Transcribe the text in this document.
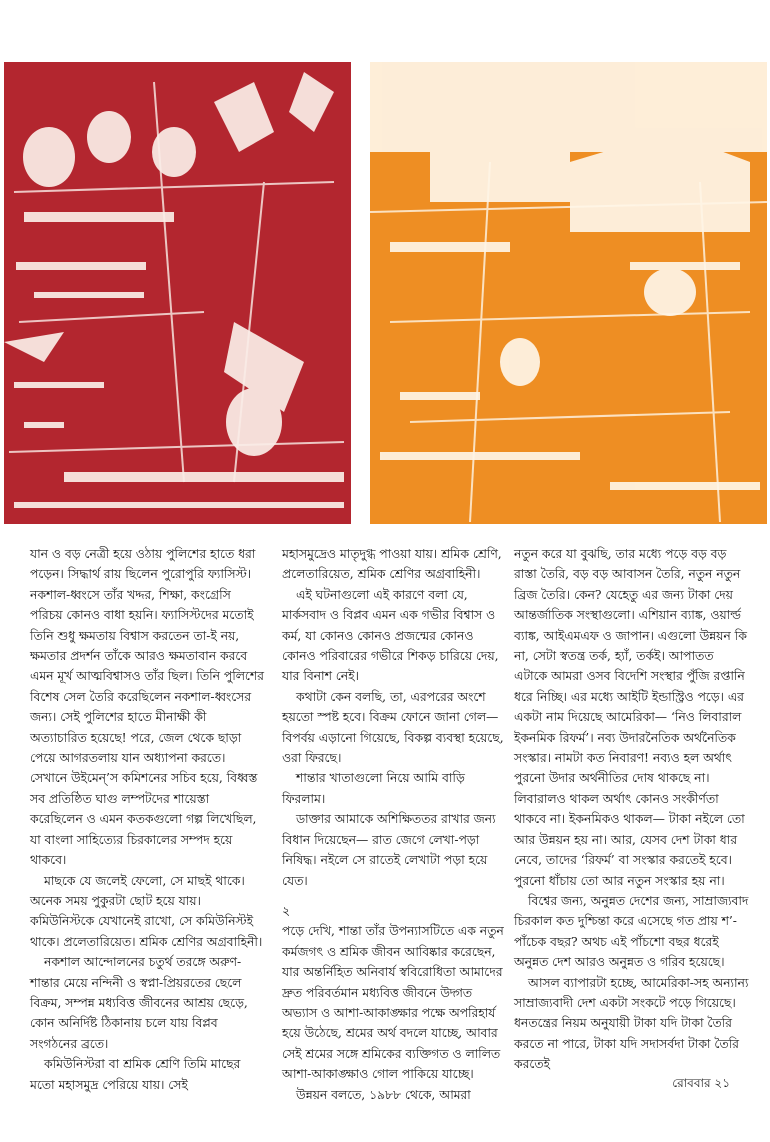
যান ও বড় নেত্রী হয়ে ওঠায় পুলিশের হাতে ধরা পড়েন। সিদ্ধার্থ রায় ছিলেন পুরোপুরি ফ্যাসিস্ট। নকশাল-ধ্বংসে তাঁর খদ্দর, শিক্ষা, কংগ্রেসি পরিচয় কোনও বাধা হয়নি। ফ্যাসিস্টদের মতোই তিনি শুধু ক্ষমতায় বিশ্বাস করতেন তা-ই নয়, ক্ষমতার প্রদর্শন তাঁকে আরও ক্ষমতাবান করবে এমন মূর্খ আত্মবিশ্বাসও তাঁর ছিল। তিনি পুলিশের বিশেষ সেল তৈরি করেছিলেন নকশাল-ধ্বংসের জন্য। সেই পুলিশের হাতে মীনাক্ষী কী অত্যাচারিত হয়েছে! পরে, জেল থেকে ছাড়া পেয়ে আগরতলায় যান অধ্যাপনা করতে। সেখানে উইমেন্’স কমিশনের সচিব হয়ে, বিধ্বস্ত সব প্রতিষ্ঠিত ঘাগু লম্পটদের শায়েস্তা করেছিলেন ও এমন কতকগুলো গল্প লিখেছিল, যা বাংলা সাহিত্যের চিরকালের সম্পদ হয়ে থাকবে।

মাছকে যে জলেই ফেলো, সে মাছই থাকে। অনেক সময় পুকুরটা ছোট হয়ে যায়। কমিউনিস্টকে যেখানেই রাখো, সে কমিউনিস্টই থাকে। প্রলেতারিয়েত। শ্রমিক শ্রেণির অগ্রবাহিনী।

নকশাল আন্দোলনের চতুর্থ তরঙ্গে অরুণ-শান্তার মেয়ে নন্দিনী ও স্বপ্না-প্রিয়রতের ছেলে বিক্রম, সম্পন্ন মধ্যবিত্ত জীবনের আশ্রয় ছেড়ে, কোন অনির্দিষ্ট ঠিকানায় চলে যায় বিপ্লব সংগঠনের ব্রতে।

কমিউনিস্টরা বা শ্রমিক শ্রেণি তিমি মাছের মতো মহাসমুদ্র পেরিয়ে যায়। সেই

মহাসমুদ্রেও মাতৃদুগ্ধ পাওয়া যায়। শ্রমিক শ্রেণি, প্রলেতারিয়েত, শ্রমিক শ্রেণির অগ্রবাহিনী।

এই ঘটনাগুলো এই কারণে বলা যে, মার্কসবাদ ও বিপ্লব এমন এক গভীর বিশ্বাস ও কর্ম, যা কোনও কোনও প্রজন্মের কোনও কোনও পরিবারের গভীরে শিকড় চারিয়ে দেয়, যার বিনাশ নেই।

কথাটা কেন বলছি, তা, এরপরের অংশে হয়তো স্পষ্ট হবে। বিক্রম ফোনে জানা গেল— বিপর্বয় এড়ানো গিয়েছে, বিকল্প ব্যবস্থা হয়েছে, ওরা ফিরছে।

শান্তার খাতাগুলো নিয়ে আমি বাড়ি ফিরলাম।

ডাক্তার আমাকে অশিক্ষিততর রাখার জন্য বিধান দিয়েছেন— রাত জেগে লেখা-পড়া নিষিদ্ধ। নইলে সে রাতেই লেখাটা পড়া হয়ে যেত।

২

পড়ে দেখি, শান্তা তাঁর উপন্যাসটিতে এক নতুন কর্মজগৎ ও শ্রমিক জীবন আবিষ্কার করেছেন, যার অন্তর্নিহিত অনিবার্য স্ববিরোধিতা আমাদের দ্রুত পরিবর্তমান মধ্যবিত্ত জীবনে উদ্গত অভ্যাস ও আশা-আকাঙ্ক্ষার পক্ষে অপরিহার্য হয়ে উঠেছে, শ্রমের অর্থ বদলে যাচ্ছে, আবার সেই শ্রমের সঙ্গে শ্রমিকের ব্যক্তিগত ও লালিত আশা-আকাঙ্ক্ষাও গোল পাকিয়ে যাচ্ছে।

উন্নয়ন বলতে, ১৯৮৮ থেকে, আমরা

নতুন করে যা বুঝছি, তার মধ্যে পড়ে বড় বড় রাস্তা তৈরি, বড় বড় আবাসন তৈরি, নতুন নতুন ব্রিজ তৈরি। কেন? যেহেতু এর জন্য টাকা দেয় আন্তর্জাতিক সংস্থাগুলো। এশিয়ান ব্যাঙ্ক, ওয়ার্ল্ড ব্যাঙ্ক, আইএমএফ ও জাপান। এগুলো উন্নয়ন কি না, সেটা স্বতন্ত্র তর্ক, হ্যাঁ, তর্কই। আপাতত এটাকে আমরা ওসব বিদেশি সংস্থার পুঁজি রপ্তানি ধরে নিচ্ছি। এর মধ্যে আইটি ইন্ডাস্ট্রিও পড়ে। এর একটা নাম দিয়েছে আমেরিকা— ‘নিও লিবারাল ইকনমিক রিফর্ম’। নব্য উদারনৈতিক অর্থনৈতিক সংস্কার। নামটা কত নিবারণ! নব্যও হল অর্থাৎ পুরনো উদার অর্থনীতির দোষ থাকছে না। লিবারালও থাকল অর্থাৎ কোনও সংকীর্ণতা থাকবে না। ইকনমিকও থাকল— টাকা নইলে তো আর উন্নয়ন হয় না। আর, যেসব দেশ টাকা ধার নেবে, তাদের ‘রিফর্ম’ বা সংস্কার করতেই হবে। পুরনো ধাঁচায় তো আর নতুন সংস্কার হয় না।

বিশ্বের জন্য, অনুন্নত দেশের জন্য, সাম্রাজ্যবাদ চিরকাল কত দুশ্চিন্তা করে এসেছে গত প্রায় শ’-পাঁচেক বছর? অথচ এই পাঁচশো বছর ধরেই অনুন্নত দেশ আরও অনুন্নত ও গরিব হয়েছে।

আসল ব্যাপারটা হচ্ছে, আমেরিকা-সহ অন্যান্য সাম্রাজ্যবাদী দেশ একটা সংকটে পড়ে গিয়েছে। ধনতন্ত্রের নিয়ম অনুযায়ী টাকা যদি টাকা তৈরি করতে না পারে, টাকা যদি সদাসর্বদা টাকা তৈরি করতেই

রোববার ২১
